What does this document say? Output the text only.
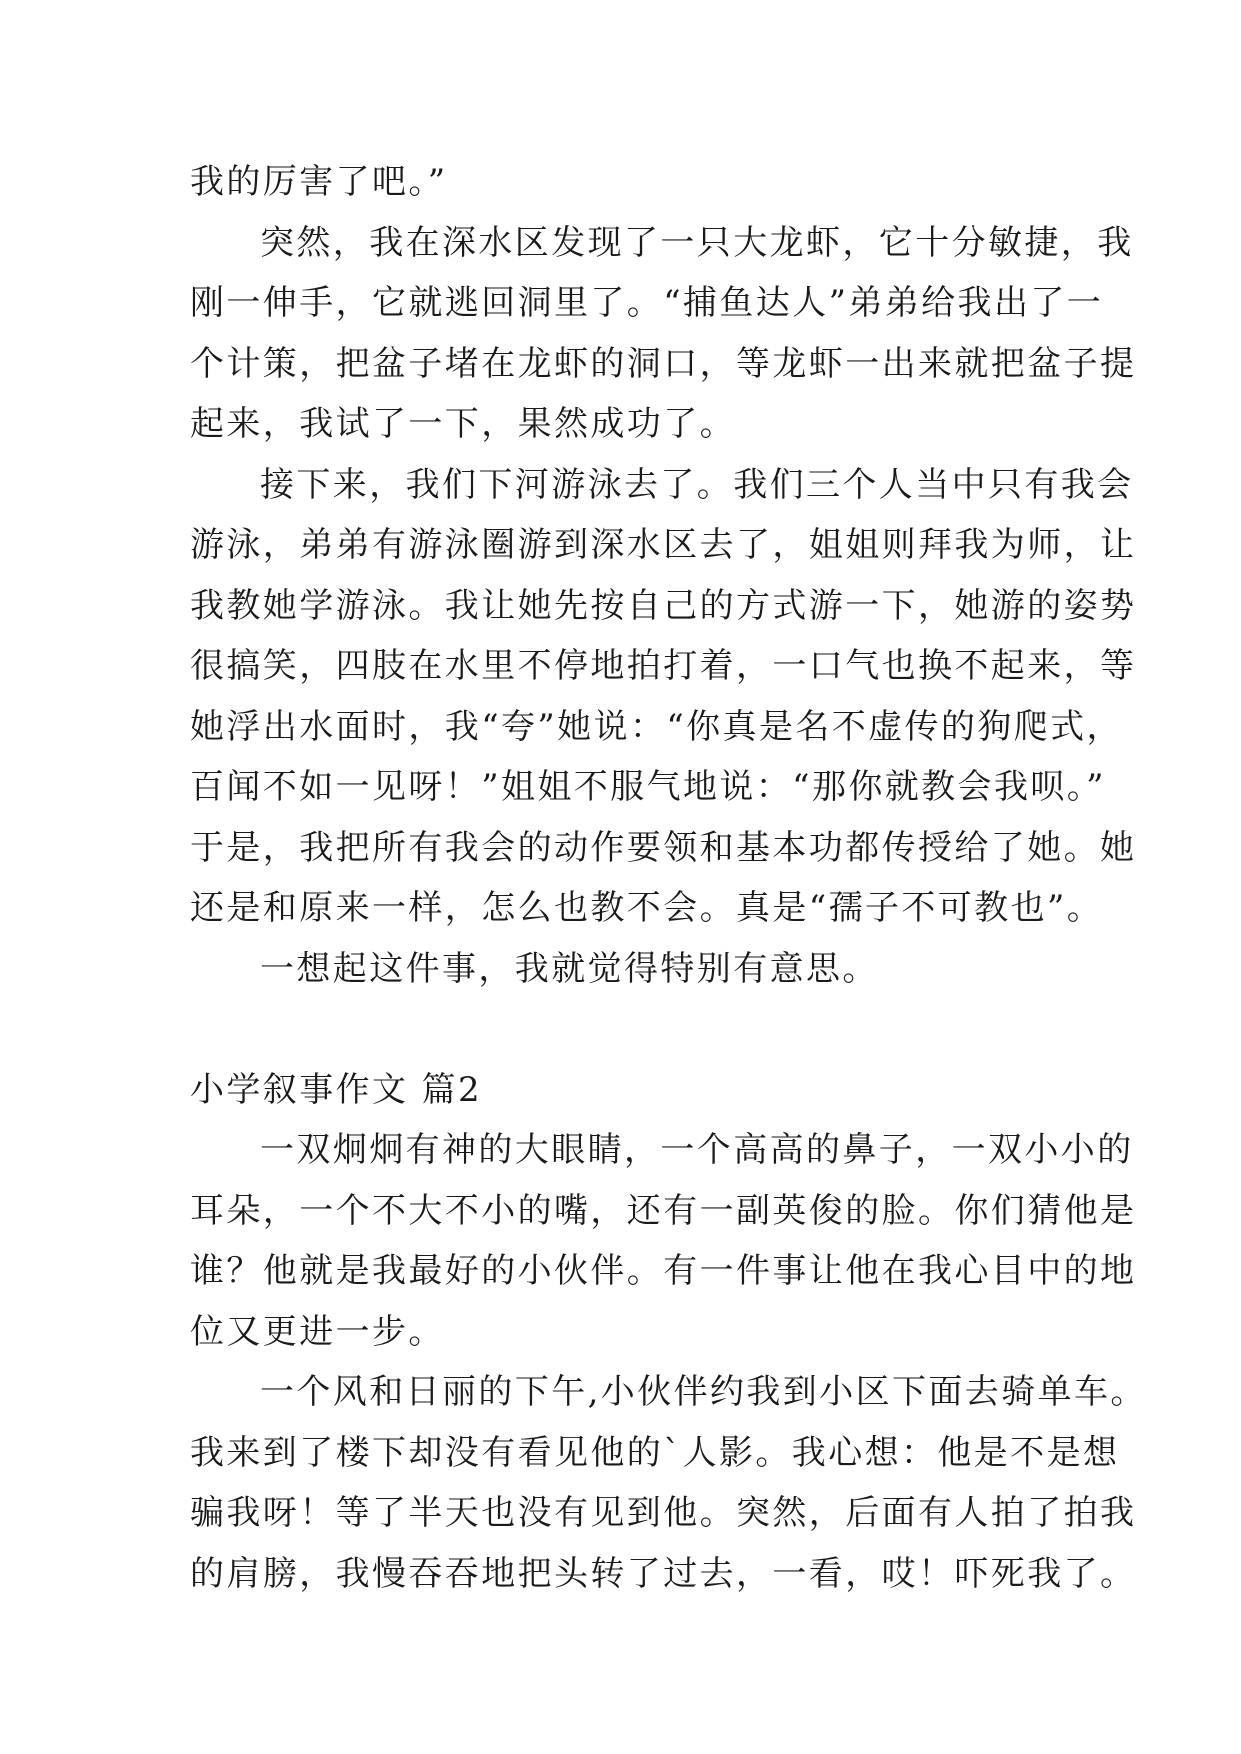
我的厉害了吧。”
突然，我在深水区发现了一只大龙虾，它十分敏捷，我
刚一伸手，它就逃回洞里了。“捕鱼达人”弟弟给我出了一
个计策，把盆子堵在龙虾的洞口，等龙虾一出来就把盆子提
起来，我试了一下，果然成功了。
接下来，我们下河游泳去了。我们三个人当中只有我会
游泳，弟弟有游泳圈游到深水区去了，姐姐则拜我为师，让
我教她学游泳。我让她先按自己的方式游一下，她游的姿势
很搞笑，四肢在水里不停地拍打着，一口气也换不起来，等
她浮出水面时，我“夸”她说：“你真是名不虚传的狗爬式，
百闻不如一见呀！”姐姐不服气地说：“那你就教会我呗。”
于是，我把所有我会的动作要领和基本功都传授给了她。她
还是和原来一样，怎么也教不会。真是“孺子不可教也”。
一想起这件事，我就觉得特别有意思。
小学叙事作文 篇2
一双炯炯有神的大眼睛，一个高高的鼻子，一双小小的
耳朵，一个不大不小的嘴，还有一副英俊的脸。你们猜他是
谁？他就是我最好的小伙伴。有一件事让他在我心目中的地
位又更进一步。
一个风和日丽的下午,小伙伴约我到小区下面去骑单车。
我来到了楼下却没有看见他的`人影。我心想：他是不是想
骗我呀！等了半天也没有见到他。突然，后面有人拍了拍我
的肩膀，我慢吞吞地把头转了过去，一看，哎！吓死我了。
